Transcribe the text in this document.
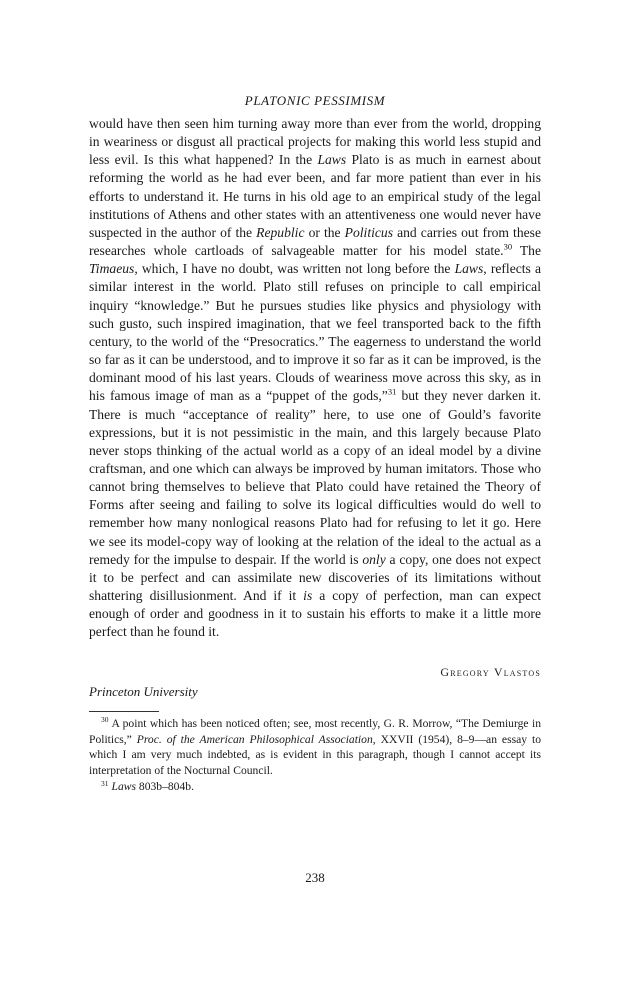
PLATONIC PESSIMISM

would have then seen him turning away more than ever from the world, dropping in weariness or disgust all practical projects for making this world less stupid and less evil. Is this what happened? In the Laws Plato is as much in earnest about reforming the world as he had ever been, and far more patient than ever in his efforts to understand it. He turns in his old age to an empirical study of the legal institutions of Athens and other states with an attentiveness one would never have suspected in the author of the Republic or the Politicus and carries out from these researches whole cartloads of salvageable matter for his model state.$^{30}$ The Timaeus, which, I have no doubt, was written not long before the Laws, reflects a similar interest in the world. Plato still refuses on principle to call empirical inquiry “knowledge.” But he pursues studies like physics and physiology with such gusto, such inspired imagination, that we feel transported back to the fifth century, to the world of the “Presocratics.” The eagerness to understand the world so far as it can be understood, and to improve it so far as it can be improved, is the dominant mood of his last years. Clouds of weariness move across this sky, as in his famous image of man as a “puppet of the gods,”$^{31}$ but they never darken it. There is much “acceptance of reality” here, to use one of Gould’s favorite expressions, but it is not pessimistic in the main, and this largely because Plato never stops thinking of the actual world as a copy of an ideal model by a divine craftsman, and one which can always be improved by human imitators. Those who cannot bring themselves to believe that Plato could have retained the Theory of Forms after seeing and failing to solve its logical difficulties would do well to remember how many nonlogical reasons Plato had for refusing to let it go. Here we see its model-copy way of looking at the relation of the ideal to the actual as a remedy for the impulse to despair. If the world is only a copy, one does not expect it to be perfect and can assimilate new discoveries of its limitations without shattering disillusionment. And if it is a copy of perfection, man can expect enough of order and goodness in it to sustain his efforts to make it a little more perfect than he found it.

Gregory Vlastos
Princeton University

$^{30}$ A point which has been noticed often; see, most recently, G. R. Morrow, “The Demiurge in Politics,” Proc. of the American Philosophical Association, XXVII (1954), 8–9—an essay to which I am very much indebted, as is evident in this paragraph, though I cannot accept its interpretation of the Nocturnal Council.

$^{31}$ Laws 803b–804b.

238
